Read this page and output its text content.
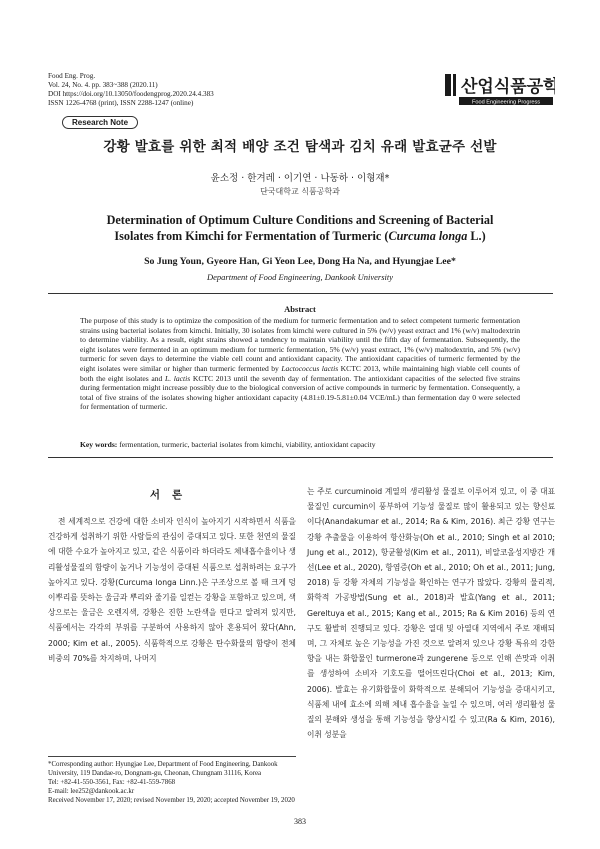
Food Eng. Prog.
Vol. 24, No. 4. pp. 383~388 (2020.11)
DOI https://doi.org/10.13050/foodengprog.2020.24.4.383
ISSN 1226-4768 (print), ISSN 2288-1247 (online)
산업식품공학
Food Engineering Progress
Research Note
강황 발효를 위한 최적 배양 조건 탐색과 김치 유래 발효균주 선발
윤소정 · 한겨레 · 이기연 · 나동하 · 이형재*
단국대학교 식품공학과
Determination of Optimum Culture Conditions and Screening of Bacterial
Isolates from Kimchi for Fermentation of Turmeric (Curcuma longa L.)
So Jung Youn, Gyeore Han, Gi Yeon Lee, Dong Ha Na, and Hyungjae Lee*
Department of Food Engineering, Dankook University
Abstract
The purpose of this study is to optimize the composition of the medium for turmeric fermentation and to select competent turmeric fermentation strains using bacterial isolates from kimchi. Initially, 30 isolates from kimchi were cultured in 5% (w/v) yeast extract and 1% (w/v) maltodextrin to determine viability. As a result, eight strains showed a tendency to maintain viability until the fifth day of fermentation. Subsequently, the eight isolates were fermented in an optimum medium for turmeric fermentation, 5% (w/v) yeast extract, 1% (w/v) maltodextrin, and 5% (w/v) turmeric for seven days to determine the viable cell count and antioxidant capacity. The antioxidant capacities of turmeric fermented by the eight isolates were similar or higher than turmeric fermented by Lactococcus lactis KCTC 2013, while maintaining high viable cell counts of both the eight isolates and L. lactis KCTC 2013 until the seventh day of fermentation. The antioxidant capacities of the selected five strains during fermentation might increase possibly due to the biological conversion of active compounds in turmeric by fermentation. Consequently, a total of five strains of the isolates showing higher antioxidant capacity (4.81±0.19-5.81±0.04 VCE/mL) than fermentation day 0 were selected for fermentation of turmeric.
Key words: fermentation, turmeric, bacterial isolates from kimchi, viability, antioxidant capacity
서론
전 세계적으로 건강에 대한 소비자 인식이 높아지기 시작하면서 식품을 건강하게 섭취하기 위한 사람들의 관심이 증대되고 있다. 또한 천연의 물질에 대한 수요가 높아지고 있고, 같은 식품이라 하더라도 체내흡수율이나 생리활성물질의 함량이 높거나 기능성이 증대된 식품으로 섭취하려는 요구가 높아지고 있다. 강황(Curcuma longa Linn.)은 구조상으로 볼 때 크게 덩이뿌리를 뜻하는 울금과 뿌리와 줄기를 일컫는 강황을 포함하고 있으며, 색상으로는 울금은 오렌지색, 강황은 진한 노란색을 띤다고 알려져 있지만, 식품에서는 각각의 부위를 구분하여 사용하지 않아 혼용되어 왔다(Ahn, 2000; Kim et al., 2005). 식품학적으로 강황은 탄수화물의 함량이 전체 비중의 70%를 차지하며, 나머지
는 주로 curcuminoid 계열의 생리활성 물질로 이루어져 있고, 이 중 대표 물질인 curcumin이 풍부하여 기능성 물질로 많이 활용되고 있는 향신료이다(Anandakumar et al., 2014; Ra & Kim, 2016). 최근 강황 연구는 강황 추출물을 이용하여 항산화능(Oh et al., 2010; Singh et al 2010; Jung et al., 2012), 항균활성(Kim et al., 2011), 비알코올성지방간 개선(Lee et al., 2020), 항염증(Oh et al., 2010; Oh et al., 2011; Jung, 2018) 등 강황 자체의 기능성을 확인하는 연구가 많았다. 강황의 물리적, 화학적 가공방법(Sung et al., 2018)과 발효(Yang et al., 2011; Gereltuya et al., 2015; Kang et al., 2015; Ra & Kim 2016) 등의 연구도 활발히 진행되고 있다. 강황은 열대 및 아열대 지역에서 주로 재배되며, 그 자체로 높은 기능성을 가진 것으로 알려져 있으나 강황 특유의 강한 향을 내는 화합물인 turmerone과 zungerene 등으로 인해 쓴맛과 이취를 생성하여 소비자 기호도를 떨어뜨린다(Choi et al., 2013; Kim, 2006). 발효는 유기화합물이 화학적으로 분해되어 기능성을 증대시키고, 식품체 내에 효소에 의해 체내 흡수율을 높일 수 있으며, 여러 생리활성 물질의 분해와 생성을 통해 기능성을 향상시킬 수 있고(Ra & Kim, 2016), 이취 성분을
*Corresponding author: Hyungjae Lee, Department of Food Engineering, Dankook University, 119 Dandae-ro, Dongnam-gu, Cheonan, Chungnam 31116, Korea
Tel: +82-41-550-3561, Fax: +82-41-559-7868
E-mail: lee252@dankook.ac.kr
Received November 17, 2020; revised November 19, 2020; accepted November 19, 2020
383
